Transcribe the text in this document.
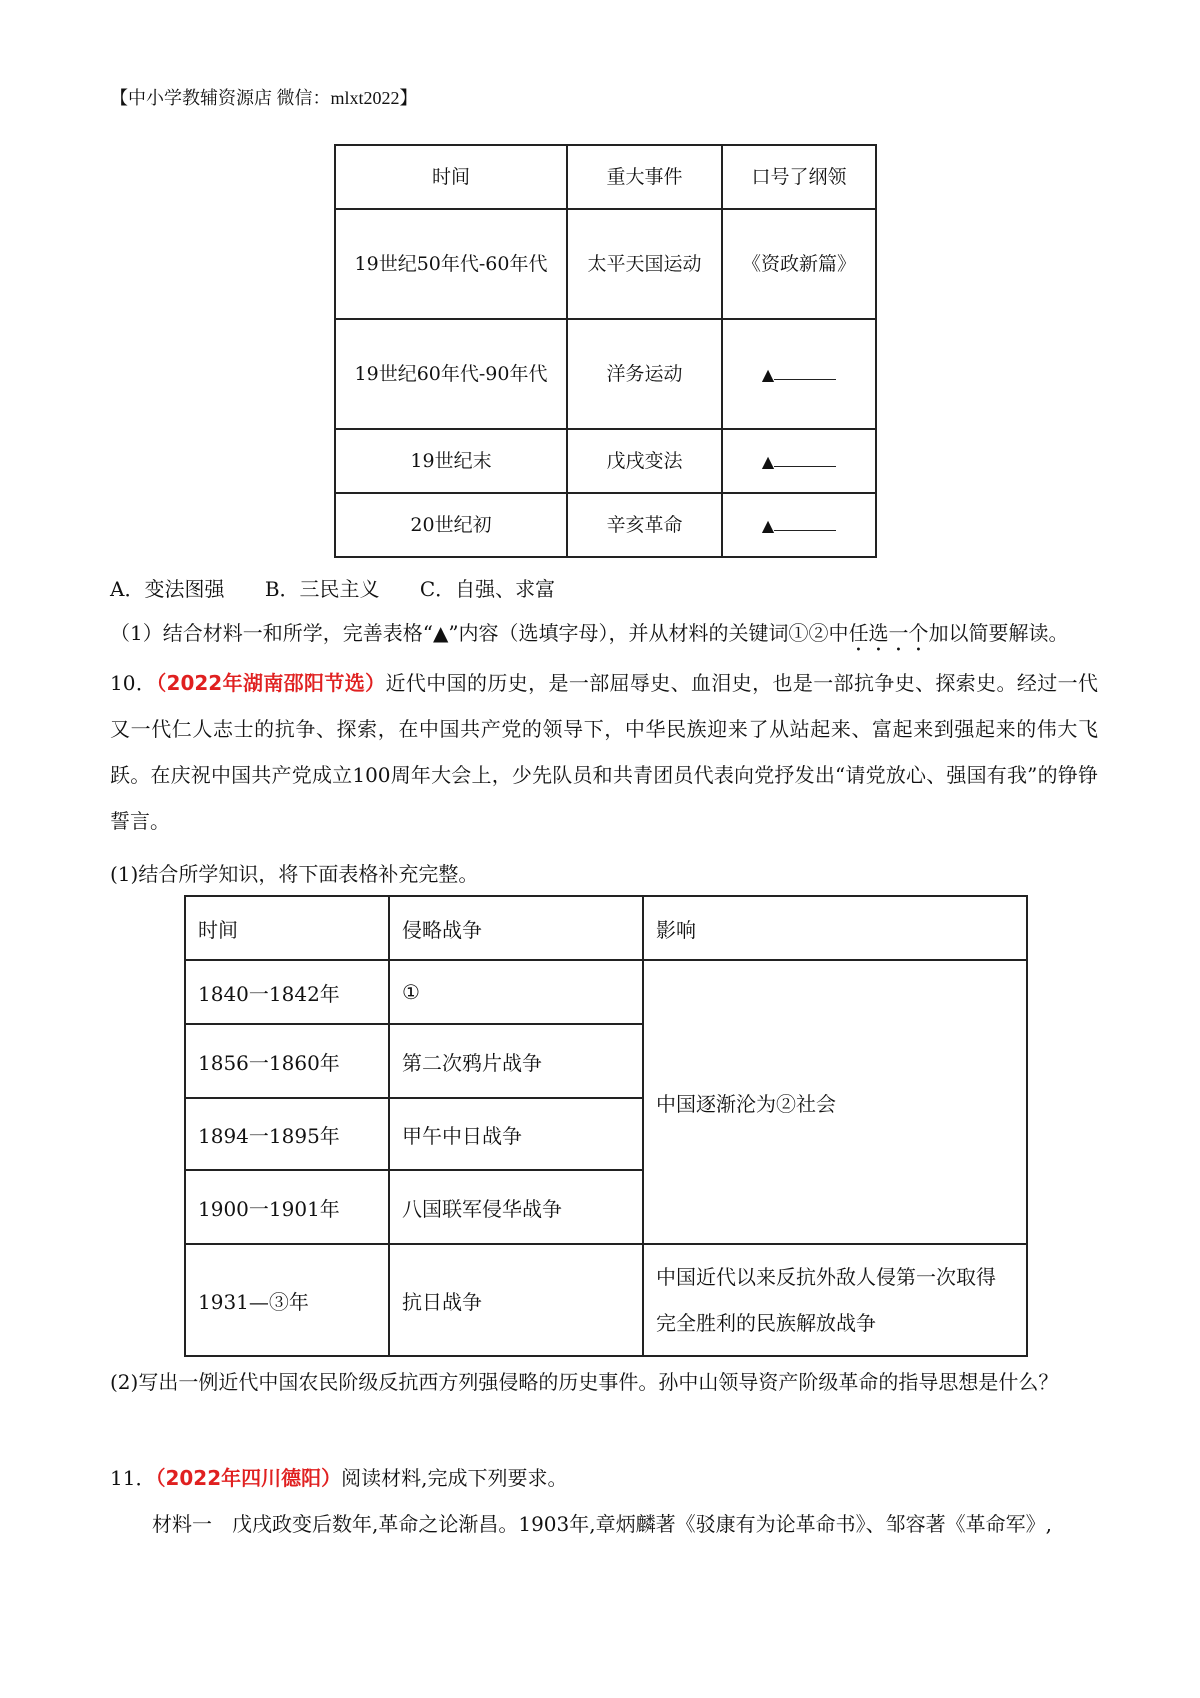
【中小学教辅资源店 微信：mlxt2022】
时间	重大事件	口号了纲领
19世纪50年代-60年代	太平天国运动	《资政新篇》
19世纪60年代-90年代	洋务运动	▲
19世纪末	戊戌变法	▲
20世纪初	辛亥革命	▲
A．变法图强 B．三民主义 C．自强、求富
（1）结合材料一和所学，完善表格“▲”内容（选填字母），并从材料的关键词①②中任选一个加以简要解读。
10．（2022年湖南邵阳节选）近代中国的历史，是一部屈辱史、血泪史，也是一部抗争史、探索史。经过一代又一代仁人志士的抗争、探索，在中国共产党的领导下，中华民族迎来了从站起来、富起来到强起来的伟大飞跃。在庆祝中国共产党成立100周年大会上，少先队员和共青团员代表向党抒发出“请党放心、强国有我”的铮铮誓言。
(1)结合所学知识，将下面表格补充完整。
时间	侵略战争	影响
1840一1842年	①	中国逐渐沦为②社会
1856一1860年	第二次鸦片战争	
1894一1895年	甲午中日战争	
1900一1901年	八国联军侵华战争	
1931—③年	抗日战争	中国近代以来反抗外敌人侵第一次取得完全胜利的民族解放战争
(2)写出一例近代中国农民阶级反抗西方列强侵略的历史事件。孙中山领导资产阶级革命的指导思想是什么？
11．（2022年四川德阳）阅读材料,完成下列要求。
材料一　戊戌政变后数年,革命之论渐昌。1903年,章炳麟著《驳康有为论革命书》、邹容著《革命军》,
